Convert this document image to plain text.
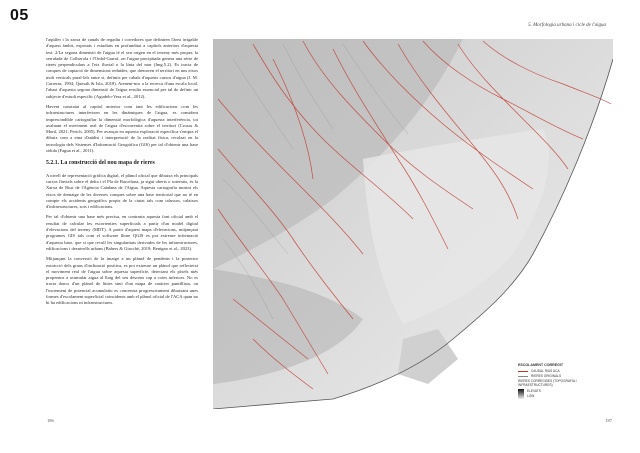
05
5. Morfologia urbana i cicle de l'aigua

l'aqüífer i la xarxa de canals de regadiu i corredores que definiren l'àrea irrigable d'aquest àmbit, exposats i estudiats en profunditat a capítols anteriors d'aquesta tesi. 2/La segona dimensió de l'aigua té el seu origen en el terreny més proper, la serralada de Collserola i l'Ordal-Garraf, on l'aigua precipitada genera una sèrie de rieres perpendiculars a l'eix fluvial o la línia del mar (Img.5.2). Es tracta de conques de captació de dimensions reduïdes, que drenaven el territori en uns eixos molt verticals paral·lels entre si, definits per cabals d'aquests cursos d'aigua (J. M. Carreras, 1994; Quesalt & Isla, 2018). Atenent-nos a la recerca d'una escala local, l'abast d'aquesta segona dimensió de l'aigua resulta essencial per tal de definir un subjecte d'estudi específic (Agudelo-Vera et al., 2012).

Havent constatat al capítol anterior com tant les edificacions com les infraestructures interferixen en les dinàmiques de l'aigua, es considera imprescindible cartografiar la dimensió morfològica d'aquesta interferència, tot avaluant el moviment real de l'aigua d'escorrentia sobre el territori (Crosas & Martí, 2021; Perich, 2005). Per avançar en aquesta exploració específica s'empra el dibuix com a eina d'anàlisi i interpretació de la realitat física, recolzat en la tecnologia dels Sistemes d'Informació Geogràfica (GIS) per tal d'obtenir una base sòlida (Fagua et al., 2011).

5.2.1. La construcció del nou mapa de rieres

A nivell de representació gràfica digital, el plànol oficial que dibuixa els principals cursos fluvials sobre el delta i el Pla de Barcelona, ja sigui oberts o soterrats, és la Xarxa de Rius de l'Agència Catalana de l'Aigua. Aquesta cartografia mostra els eixos de drenatge de les diverses conques sobre una base territorial que no té en compte els accidents geogràfics propis de la ciutat tals com talussos, calaixos d'infraestructures, sots i edificacions.

Per tal d'obtenir una base més precisa, en contrasta aquesta font oficial amb el resultat de calcular les escorrenties superficials a partir d'un model digital d'elevacions del terreny (MDT). A partir d'aquest mapa d'elevacions, mitjançant programes GIS tals com el software lliure QGIS es pot extreure informació d'aquesta base, que si que recull les singularitats derivades de les infraestructures, edificacions i desnivells urbans (Bahers & Giacchè, 2019; Benigno et al., 2023).

Mitjançant la conversió de la imatge a un plànol de pendents i la posterior extracció dels graus d'inclinació positiva, es pot extreure un plànol que reflecteixi el moviment real de l'aigua sobre aquesta superfície, detectant els píxels més propensos a acumular aigua al llarg del seu descens cap a cotes inferiors. No es tracta doncs d'un plànol de línies sinó d'un mapa de caràcter puntillista, on l'increment de potencial acumulatiu es concentra progressivament dibuixant unes formes d'escolament superficial coincidents amb el plànol oficial de l'ACA quan no hi ha edificacions ni infraestructures.

186	187
ESCOLAMENT CORREGIT
CAUDAL RIUS ACA
RIERES ORIGINALS
RIERES CORREGIDES (TOPOGRAFIA I INFRAESTRUCTURES)
ELEVATS
LOW
